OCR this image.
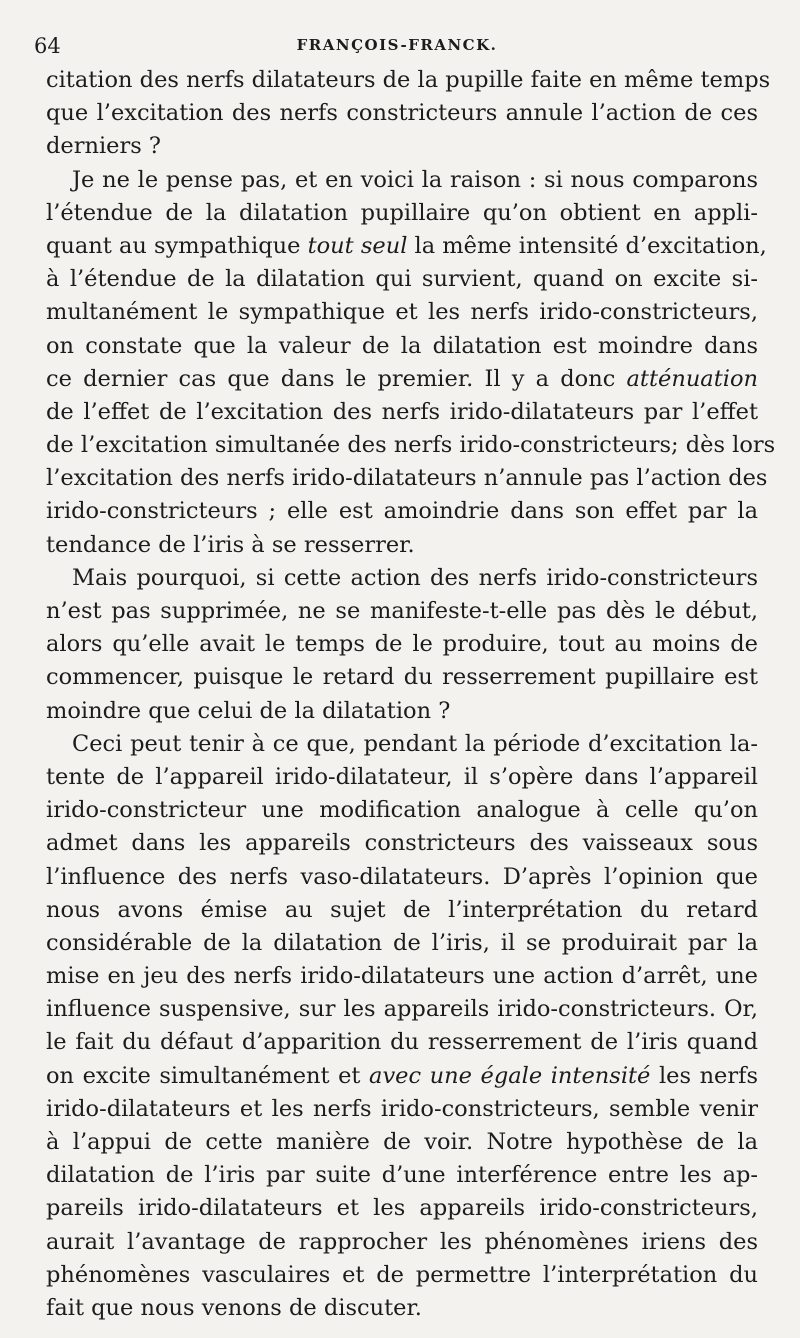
64	FRANÇOIS-FRANCK.
citation des nerfs dilatateurs de la pupille faite en même temps
que l’excitation des nerfs constricteurs annule l’action de ces
derniers ?
Je ne le pense pas, et en voici la raison : si nous comparons
l’étendue de la dilatation pupillaire qu’on obtient en appli-
quant au sympathique tout seul la même intensité d’excitation,
à l’étendue de la dilatation qui survient, quand on excite si-
multanément le sympathique et les nerfs irido-constricteurs,
on constate que la valeur de la dilatation est moindre dans
ce dernier cas que dans le premier. Il y a donc atténuation
de l’effet de l’excitation des nerfs irido-dilatateurs par l’effet
de l’excitation simultanée des nerfs irido-constricteurs; dès lors
l’excitation des nerfs irido-dilatateurs n’annule pas l’action des
irido-constricteurs ; elle est amoindrie dans son effet par la
tendance de l’iris à se resserrer.
Mais pourquoi, si cette action des nerfs irido-constricteurs
n’est pas supprimée, ne se manifeste-t-elle pas dès le début,
alors qu’elle avait le temps de le produire, tout au moins de
commencer, puisque le retard du resserrement pupillaire est
moindre que celui de la dilatation ?
Ceci peut tenir à ce que, pendant la période d’excitation la-
tente de l’appareil irido-dilatateur, il s’opère dans l’appareil
irido-constricteur une modification analogue à celle qu’on
admet dans les appareils constricteurs des vaisseaux sous
l’influence des nerfs vaso-dilatateurs. D’après l’opinion que
nous avons émise au sujet de l’interprétation du retard
considérable de la dilatation de l’iris, il se produirait par la
mise en jeu des nerfs irido-dilatateurs une action d’arrêt, une
influence suspensive, sur les appareils irido-constricteurs. Or,
le fait du défaut d’apparition du resserrement de l’iris quand
on excite simultanément et avec une égale intensité les nerfs
irido-dilatateurs et les nerfs irido-constricteurs, semble venir
à l’appui de cette manière de voir. Notre hypothèse de la
dilatation de l’iris par suite d’une interférence entre les ap-
pareils irido-dilatateurs et les appareils irido-constricteurs,
aurait l’avantage de rapprocher les phénomènes iriens des
phénomènes vasculaires et de permettre l’interprétation du
fait que nous venons de discuter.
